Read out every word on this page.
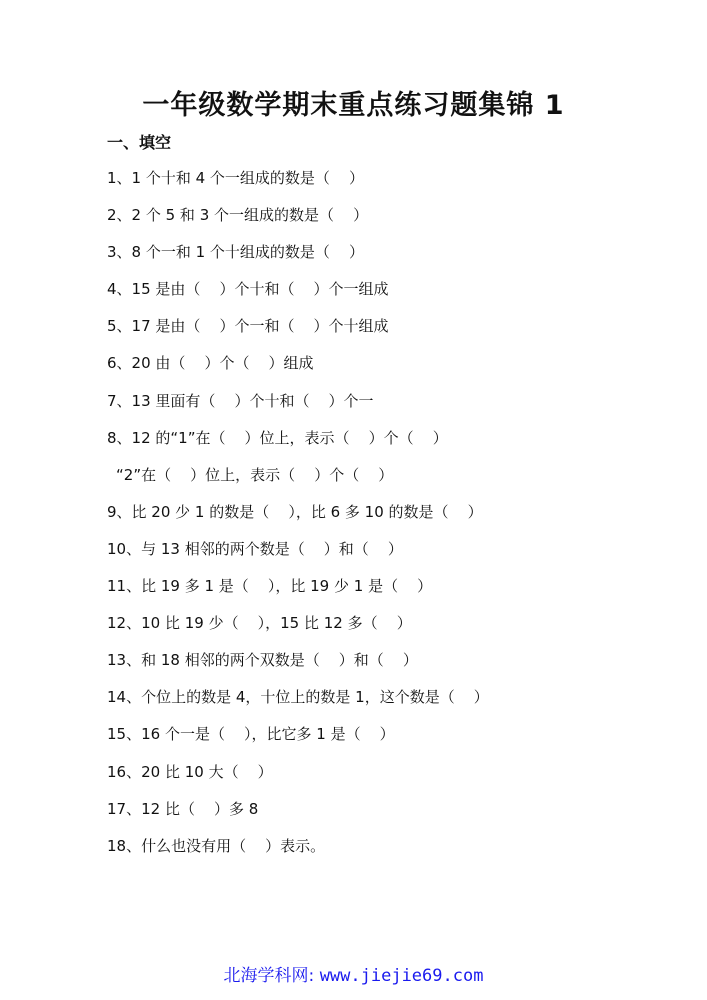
一年级数学期末重点练习题集锦 1
一、填空
1、1 个十和 4 个一组成的数是（    ）
2、2 个 5 和 3 个一组成的数是（    ）
3、8 个一和 1 个十组成的数是（    ）
4、15 是由（    ）个十和（    ）个一组成
5、17 是由（    ）个一和（    ）个十组成
6、20 由（    ）个（    ）组成
7、13 里面有（    ）个十和（    ）个一
8、12 的“1”在（    ）位上，表示（    ）个（    ）
“2”在（    ）位上，表示（    ）个（    ）
9、比 20 少 1 的数是（    ），比 6 多 10 的数是（    ）
10、与 13 相邻的两个数是（    ）和（    ）
11、比 19 多 1 是（    ），比 19 少 1 是（    ）
12、10 比 19 少（    ），15 比 12 多（    ）
13、和 18 相邻的两个双数是（    ）和（    ）
14、个位上的数是 4，十位上的数是 1，这个数是（    ）
15、16 个一是（    ），比它多 1 是（    ）
16、20 比 10 大（    ）
17、12 比（    ）多 8
18、什么也没有用（    ）表示。
北海学科网: www.jiejie69.com
